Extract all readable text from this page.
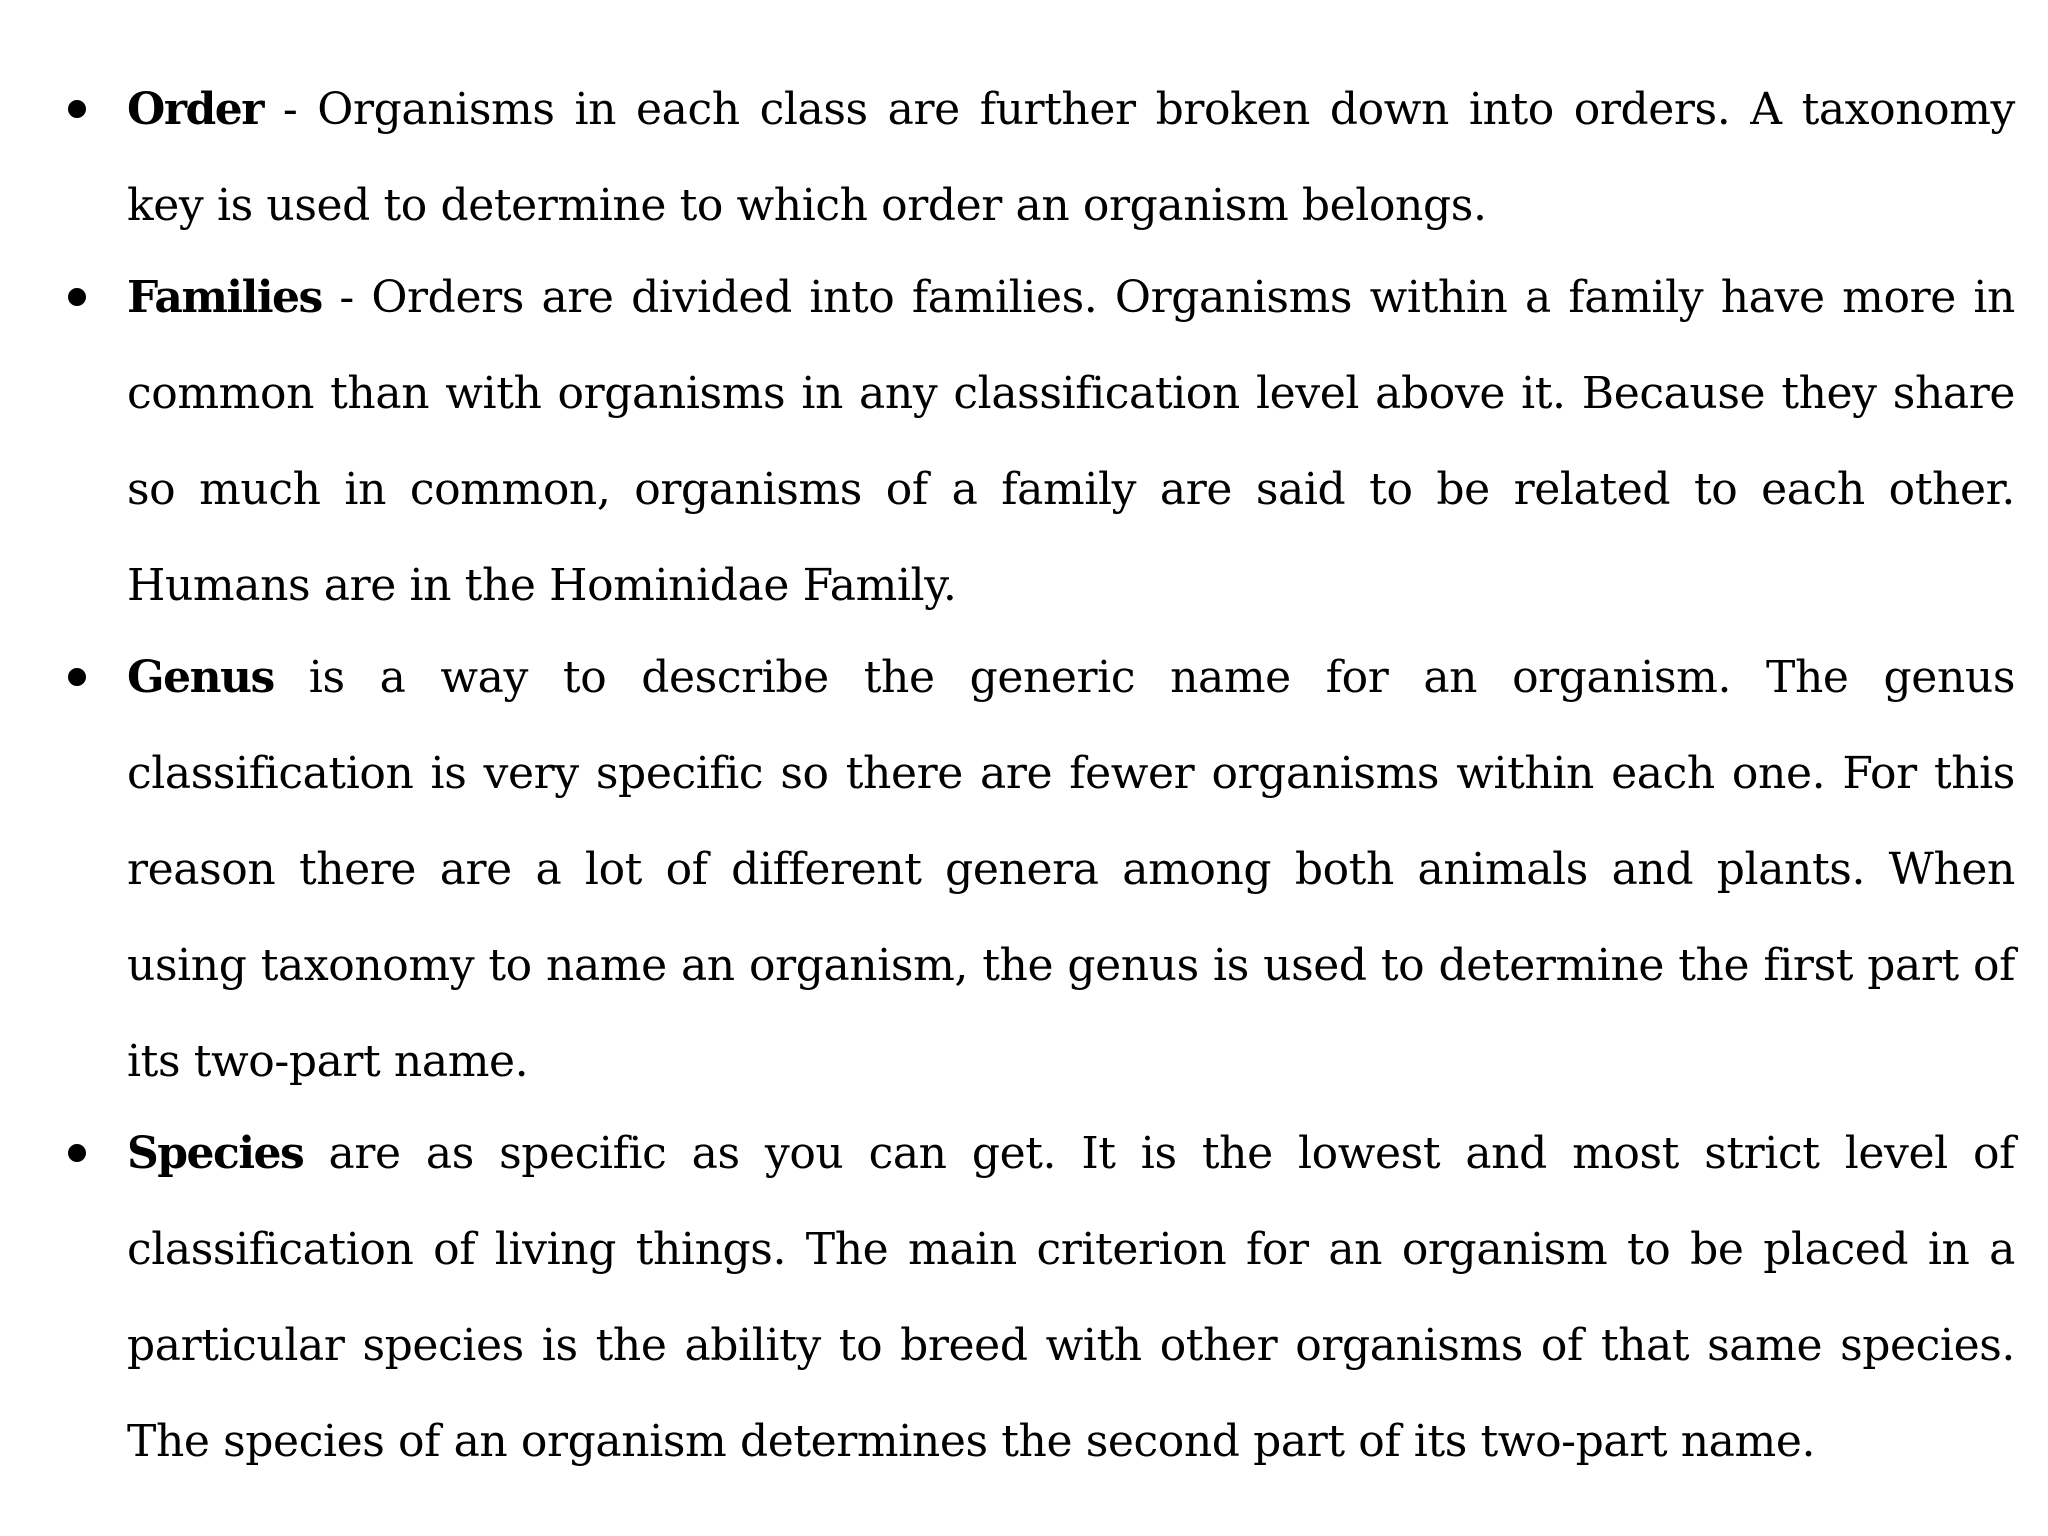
Order - Organisms in each class are further broken down into orders. A taxonomy key is used to determine to which order an organism belongs.
Families - Orders are divided into families. Organisms within a family have more in common than with organisms in any classification level above it. Because they share so much in common, organisms of a family are said to be related to each other. Humans are in the Hominidae Family.
Genus is a way to describe the generic name for an organism. The genus classification is very specific so there are fewer organisms within each one. For this reason there are a lot of different genera among both animals and plants. When using taxonomy to name an organism, the genus is used to determine the first part of its two-part name.
Species are as specific as you can get. It is the lowest and most strict level of classification of living things. The main criterion for an organism to be placed in a particular species is the ability to breed with other organisms of that same species. The species of an organism determines the second part of its two-part name.
